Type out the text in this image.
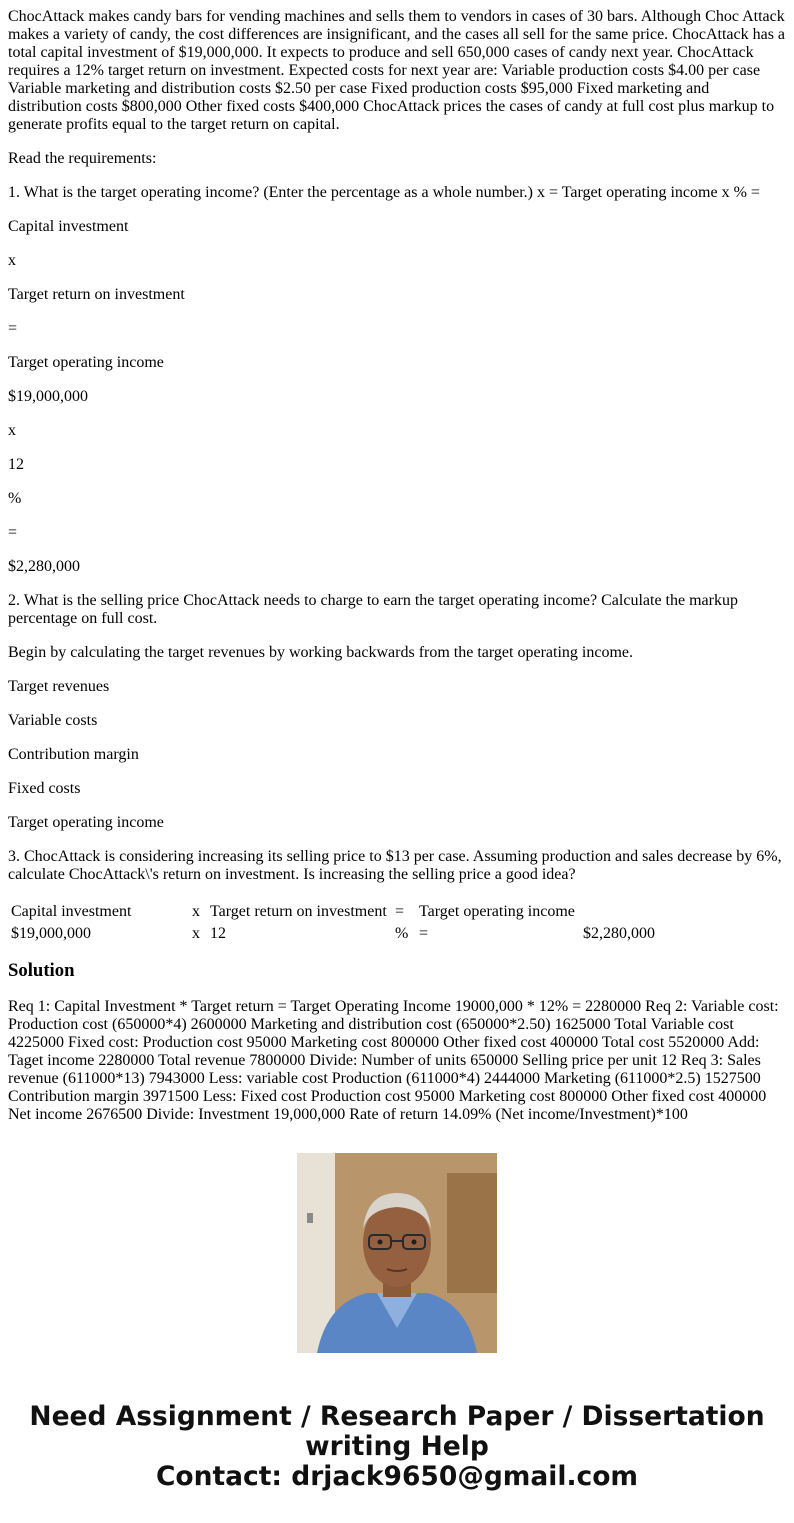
ChocAttack makes candy bars for vending machines and sells them to vendors in cases of 30 bars. Although Choc Attack makes a variety of candy, the cost differences are insignificant, and the cases all sell for the same price. ChocAttack has a total capital investment of $19,000,000. It expects to produce and sell 650,000 cases of candy next year. ChocAttack requires a 12% target return on investment. Expected costs for next year are: Variable production costs $4.00 per case Variable marketing and distribution costs $2.50 per case Fixed production costs $95,000 Fixed marketing and distribution costs $800,000 Other fixed costs $400,000 ChocAttack prices the cases of candy at full cost plus markup to generate profits equal to the target return on capital.

Read the requirements:

1. What is the target operating income? (Enter the percentage as a whole number.) x = Target operating income x % =

Capital investment

x

Target return on investment

=

Target operating income

$19,000,000

x

12

%

=

$2,280,000

2. What is the selling price ChocAttack needs to charge to earn the target operating income? Calculate the markup percentage on full cost.

Begin by calculating the target revenues by working backwards from the target operating income.

Target revenues

Variable costs

Contribution margin

Fixed costs

Target operating income

3. ChocAttack is considering increasing its selling price to $13 per case. Assuming production and sales decrease by 6%, calculate ChocAttack\'s return on investment. Is increasing the selling price a good idea?

Capital investment	x	Target return on investment	=	Target operating income	
$19,000,000	x	12	%	=	$2,280,000
Solution

Req 1: Capital Investment * Target return = Target Operating Income 19000,000 * 12% = 2280000 Req 2: Variable cost: Production cost (650000*4) 2600000 Marketing and distribution cost (650000*2.50) 1625000 Total Variable cost 4225000 Fixed cost: Production cost 95000 Marketing cost 800000 Other fixed cost 400000 Total cost 5520000 Add: Taget income 2280000 Total revenue 7800000 Divide: Number of units 650000 Selling price per unit 12 Req 3: Sales revenue (611000*13) 7943000 Less: variable cost Production (611000*4) 2444000 Marketing (611000*2.5) 1527500 Contribution margin 3971500 Less: Fixed cost Production cost 95000 Marketing cost 800000 Other fixed cost 400000 Net income 2676500 Divide: Investment 19,000,000 Rate of return 14.09% (Net income/Investment)*100

Need Assignment / Research Paper / Dissertation
writing Help
Contact: drjack9650@gmail.com
